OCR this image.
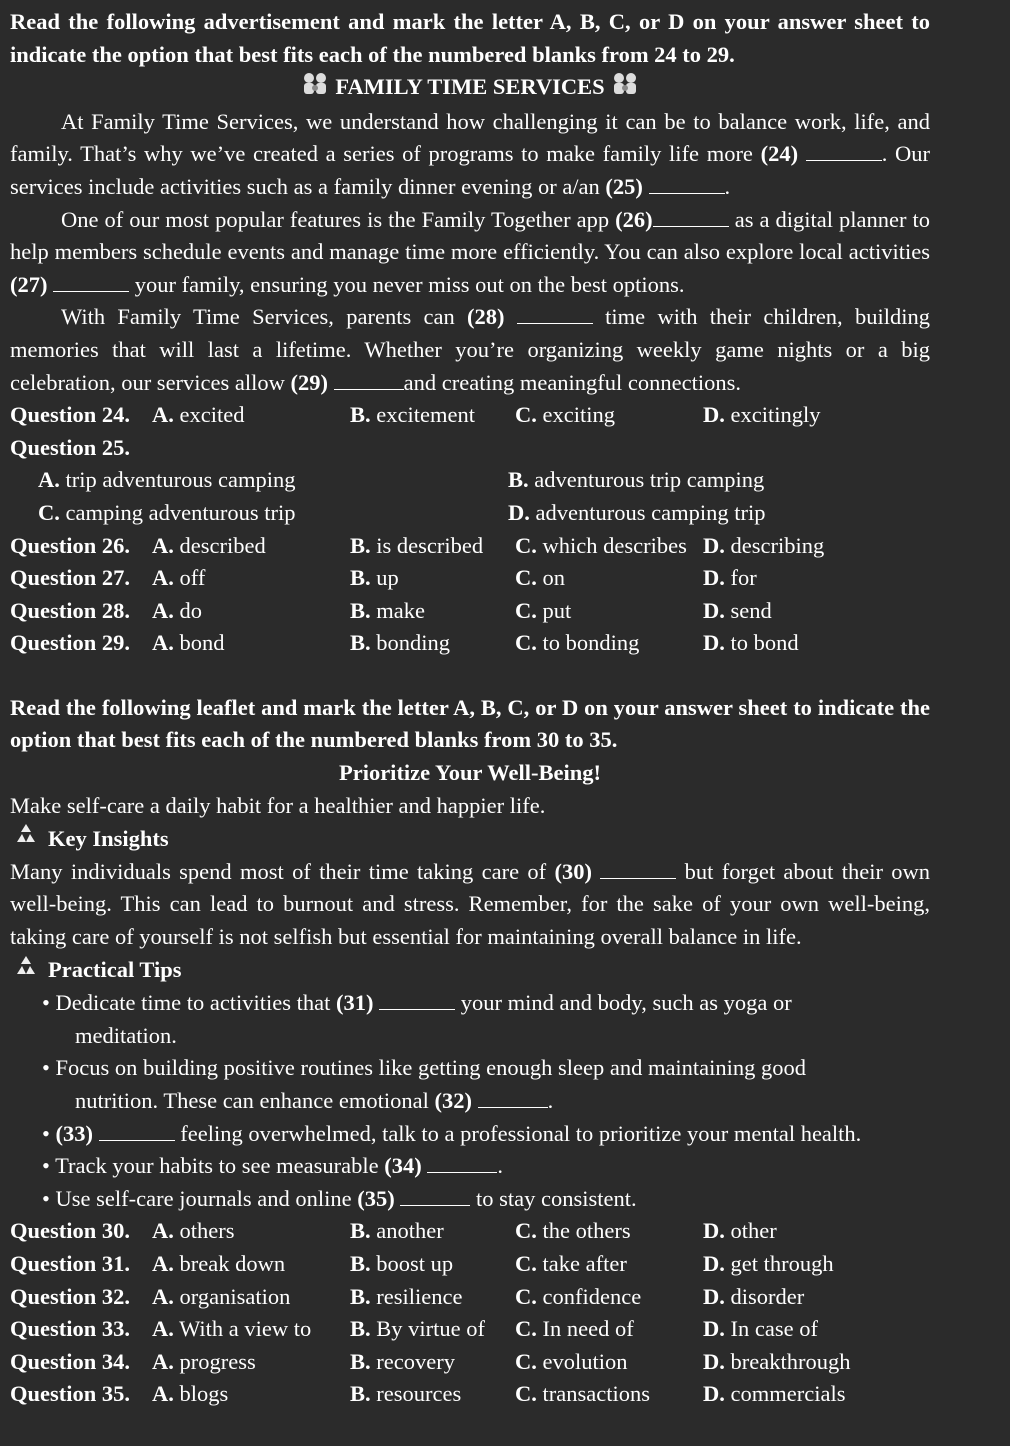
Read the following advertisement and mark the letter A, B, C, or D on your answer sheet to indicate the option that best fits each of the numbered blanks from 24 to 29.

FAMILY TIME SERVICES

At Family Time Services, we understand how challenging it can be to balance work, life, and family. That’s why we’ve created a series of programs to make family life more (24)	. Our services include activities such as a family dinner evening or a/an (25)	.

One of our most popular features is the Family Together app (26)	as a digital planner to help members schedule events and manage time more efficiently. You can also explore local activities (27)	your family, ensuring you never miss out on the best options.

With Family Time Services, parents can (28)	time with their children, building memories that will last a lifetime. Whether you’re organizing weekly game nights or a big celebration, our services allow (29)	and creating meaningful connections.

Question 24. A. excited	B. excitement	C. exciting	D. excitingly

Question 25.

A. trip adventurous camping	B. adventurous trip camping
C. camping adventurous trip	D. adventurous camping trip
Question 26. A. described	B. is described	C. which describes D. describing
Question 27. A. off	B. up	C. on	D. for
Question 28. A. do	B. make	C. put	D. send
Question 29. A. bond	B. bonding	C. to bonding	D. to bond

Read the following leaflet and mark the letter A, B, C, or D on your answer sheet to indicate the option that best fits each of the numbered blanks from 30 to 35.

Prioritize Your Well-Being!

Make self-care a daily habit for a healthier and happier life.

Key Insights

Many individuals spend most of their time taking care of (30)	but forget about their own well-being. This can lead to burnout and stress. Remember, for the sake of your own well-being, taking care of yourself is not selfish but essential for maintaining overall balance in life.

Practical Tips

• Dedicate time to activities that (31)	your mind and body, such as yoga or

meditation.

• Focus on building positive routines like getting enough sleep and maintaining good

nutrition. These can enhance emotional (32)	.

• (33)	feeling overwhelmed, talk to a professional to prioritize your mental health.

• Track your habits to see measurable (34)	.

• Use self-care journals and online (35)	to stay consistent.

Question 30. A. others	B. another	C. the others	D. other
Question 31. A. break down	B. boost up	C. take after	D. get through
Question 32. A. organisation	B. resilience	C. confidence	D. disorder
Question 33. A. With a view to	B. By virtue of	C. In need of	D. In case of
Question 34. A. progress	B. recovery	C. evolution	D. breakthrough
Question 35. A. blogs	B. resources	C. transactions	D. commercials
